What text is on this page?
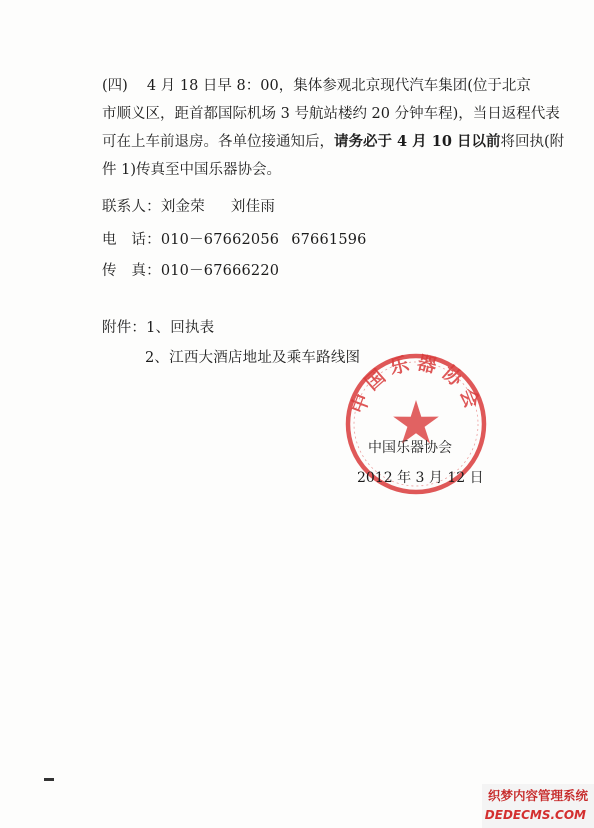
(四)　 4 月 18 日早 8：00，集体参观北京现代汽车集团(位于北京
市顺义区，距首都国际机场 3 号航站楼约 20 分钟车程)，当日返程代表
可在上车前退房。各单位接通知后，请务必于 4 月 10 日以前将回执(附
件 1)传真至中国乐器协会。
联系人：刘金荣 刘佳雨
电　话：010－67662056 67661596
传　真：010－67666220
附件：1、回执表
2、江西大酒店地址及乘车路线图
中国乐器协会
中国乐器协会
2012 年 3 月 12 日
织梦内容管理系统
DEDECMS.COM
